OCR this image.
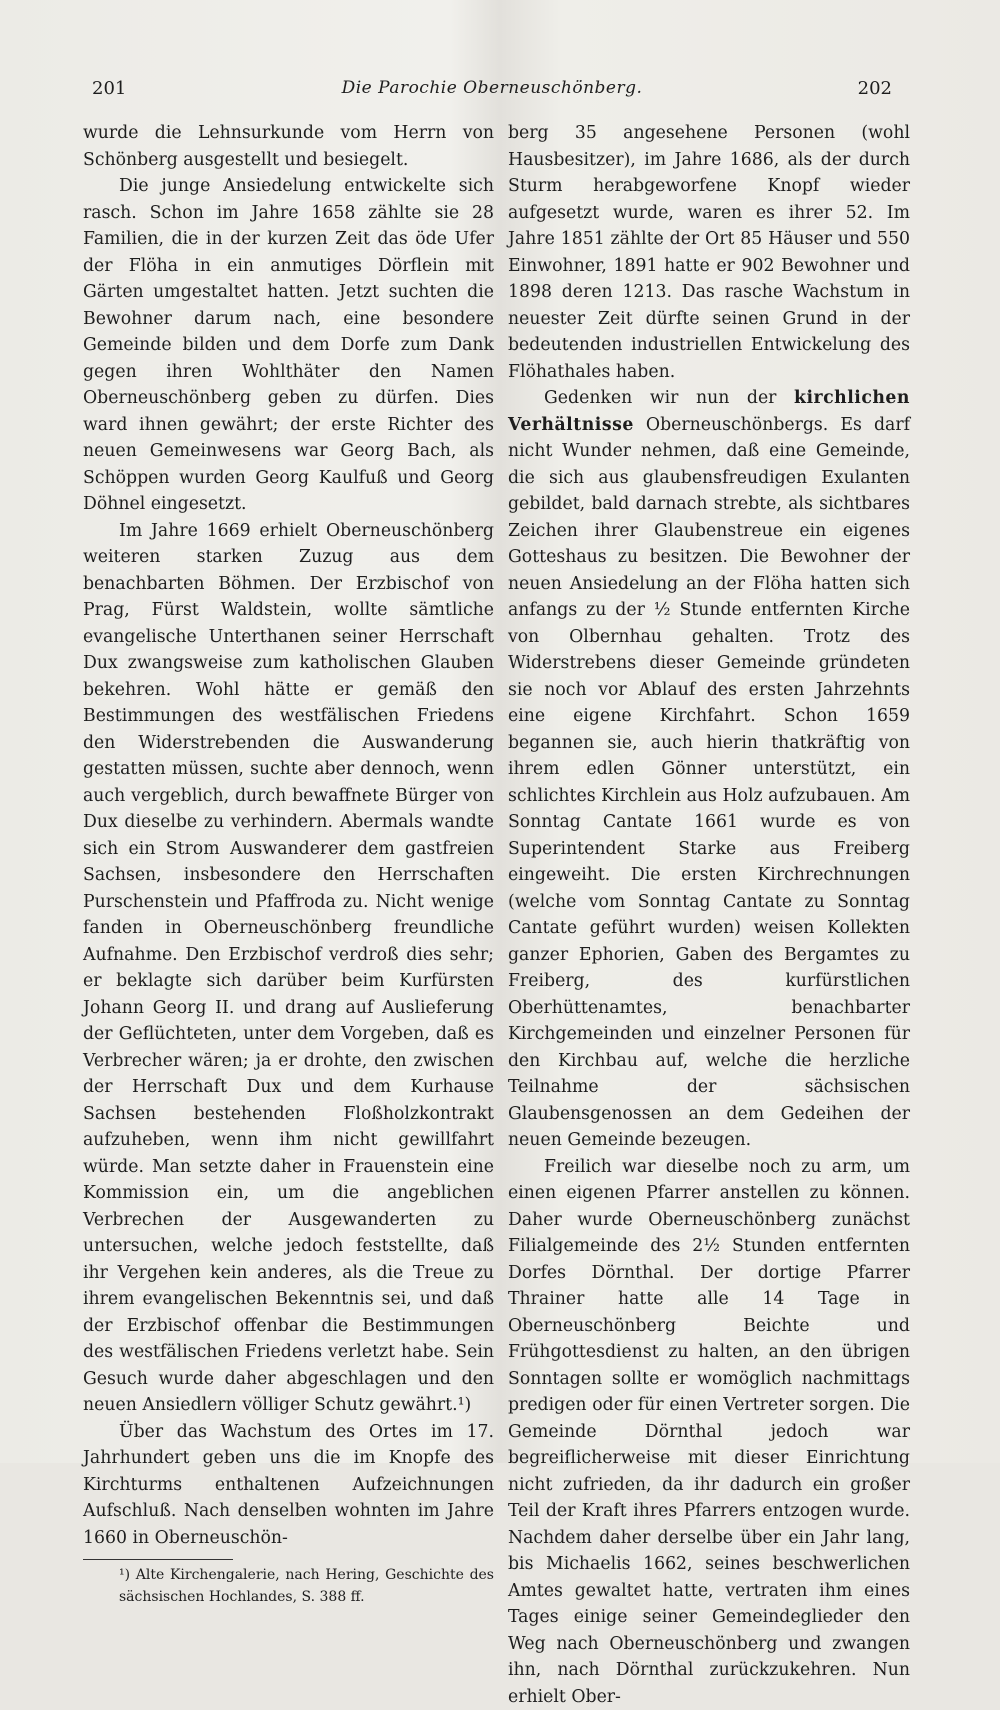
201	Die Parochie Oberneuschönberg.	202

wurde die Lehnsurkunde vom Herrn von Schönberg ausgestellt und besiegelt.

Die junge Ansiedelung entwickelte sich rasch. Schon im Jahre 1658 zählte sie 28 Familien, die in der kurzen Zeit das öde Ufer der Flöha in ein anmutiges Dörflein mit Gärten umgestaltet hatten. Jetzt suchten die Bewohner darum nach, eine besondere Gemeinde bilden und dem Dorfe zum Dank gegen ihren Wohlthäter den Namen Oberneuschönberg geben zu dürfen. Dies ward ihnen gewährt; der erste Richter des neuen Gemeinwesens war Georg Bach, als Schöppen wurden Georg Kaulfuß und Georg Döhnel eingesetzt.

Im Jahre 1669 erhielt Oberneuschönberg weiteren starken Zuzug aus dem benachbarten Böhmen. Der Erzbischof von Prag, Fürst Waldstein, wollte sämtliche evangelische Unterthanen seiner Herrschaft Dux zwangsweise zum katholischen Glauben bekehren. Wohl hätte er gemäß den Bestimmungen des westfälischen Friedens den Widerstrebenden die Auswanderung gestatten müssen, suchte aber dennoch, wenn auch vergeblich, durch bewaffnete Bürger von Dux dieselbe zu verhindern. Abermals wandte sich ein Strom Auswanderer dem gastfreien Sachsen, insbesondere den Herrschaften Purschenstein und Pfaffroda zu. Nicht wenige fanden in Oberneuschönberg freundliche Aufnahme. Den Erzbischof verdroß dies sehr; er beklagte sich darüber beim Kurfürsten Johann Georg II. und drang auf Auslieferung der Geflüchteten, unter dem Vorgeben, daß es Verbrecher wären; ja er drohte, den zwischen der Herrschaft Dux und dem Kurhause Sachsen bestehenden Floßholzkontrakt aufzuheben, wenn ihm nicht gewillfahrt würde. Man setzte daher in Frauenstein eine Kommission ein, um die angeblichen Verbrechen der Ausgewanderten zu untersuchen, welche jedoch feststellte, daß ihr Vergehen kein anderes, als die Treue zu ihrem evangelischen Bekenntnis sei, und daß der Erzbischof offenbar die Bestimmungen des westfälischen Friedens verletzt habe. Sein Gesuch wurde daher abgeschlagen und den neuen Ansiedlern völliger Schutz gewährt.¹)

Über das Wachstum des Ortes im 17. Jahrhundert geben uns die im Knopfe des Kirchturms enthaltenen Aufzeichnungen Aufschluß. Nach denselben wohnten im Jahre 1660 in Oberneuschön-

¹) Alte Kirchengalerie, nach Hering, Geschichte des sächsischen Hochlandes, S. 388 ff.

berg 35 angesehene Personen (wohl Hausbesitzer), im Jahre 1686, als der durch Sturm herabgeworfene Knopf wieder aufgesetzt wurde, waren es ihrer 52. Im Jahre 1851 zählte der Ort 85 Häuser und 550 Einwohner, 1891 hatte er 902 Bewohner und 1898 deren 1213. Das rasche Wachstum in neuester Zeit dürfte seinen Grund in der bedeutenden industriellen Entwickelung des Flöhathales haben.

Gedenken wir nun der kirchlichen Verhältnisse Oberneuschönbergs. Es darf nicht Wunder nehmen, daß eine Gemeinde, die sich aus glaubensfreudigen Exulanten gebildet, bald darnach strebte, als sichtbares Zeichen ihrer Glaubenstreue ein eigenes Gotteshaus zu besitzen. Die Bewohner der neuen Ansiedelung an der Flöha hatten sich anfangs zu der ½ Stunde entfernten Kirche von Olbernhau gehalten. Trotz des Widerstrebens dieser Gemeinde gründeten sie noch vor Ablauf des ersten Jahrzehnts eine eigene Kirchfahrt. Schon 1659 begannen sie, auch hierin thatkräftig von ihrem edlen Gönner unterstützt, ein schlichtes Kirchlein aus Holz aufzubauen. Am Sonntag Cantate 1661 wurde es von Superintendent Starke aus Freiberg eingeweiht. Die ersten Kirchrechnungen (welche vom Sonntag Cantate zu Sonntag Cantate geführt wurden) weisen Kollekten ganzer Ephorien, Gaben des Bergamtes zu Freiberg, des kurfürstlichen Oberhüttenamtes, benachbarter Kirchgemeinden und einzelner Personen für den Kirchbau auf, welche die herzliche Teilnahme der sächsischen Glaubensgenossen an dem Gedeihen der neuen Gemeinde bezeugen.

Freilich war dieselbe noch zu arm, um einen eigenen Pfarrer anstellen zu können. Daher wurde Oberneuschönberg zunächst Filialgemeinde des 2½ Stunden entfernten Dorfes Dörnthal. Der dortige Pfarrer Thrainer hatte alle 14 Tage in Oberneuschönberg Beichte und Frühgottesdienst zu halten, an den übrigen Sonntagen sollte er womöglich nachmittags predigen oder für einen Vertreter sorgen. Die Gemeinde Dörnthal jedoch war begreiflicherweise mit dieser Einrichtung nicht zufrieden, da ihr dadurch ein großer Teil der Kraft ihres Pfarrers entzogen wurde. Nachdem daher derselbe über ein Jahr lang, bis Michaelis 1662, seines beschwerlichen Amtes gewaltet hatte, vertraten ihm eines Tages einige seiner Gemeindeglieder den Weg nach Oberneuschönberg und zwangen ihn, nach Dörnthal zurückzukehren. Nun erhielt Ober-
